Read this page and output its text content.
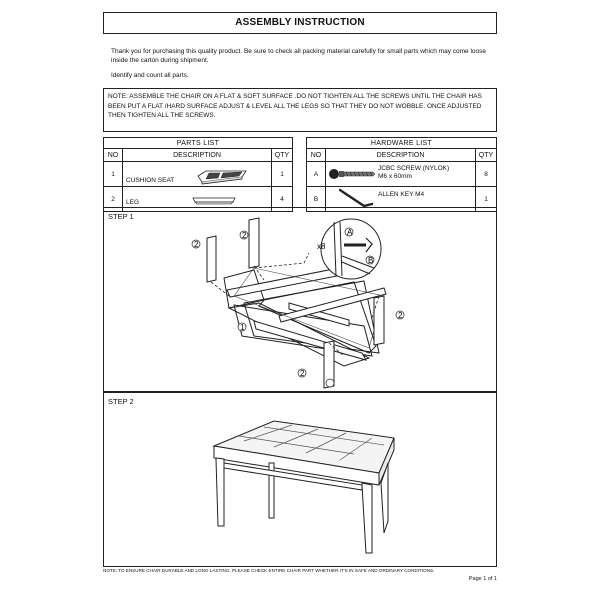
ASSEMBLY INSTRUCTION
Thank you for purchasing this quality product. Be sure to check all packing material carefully for small parts which may come loose inside the carton during shipment.
Identify and count all parts.
NOTE: ASSEMBLE THE CHAIR ON A FLAT & SOFT SURFACE .DO NOT TIGHTEN ALL THE SCREWS UNTIL THE CHAIR HAS BEEN PUT A FLAT /HARD SURFACE ADJUST & LEVEL ALL THE LEGS SO THAT THEY DO NOT WOBBLE. ONCE ADJUSTED THEN TIGHTEN ALL THE SCREWS.
PARTS LIST		
NO	DESCRIPTION	QTY
1	CUSHION SEAT	1
2	LEG	4
HARDWARE LIST		
NO	DESCRIPTION	QTY
A	JCBC SCREW (NYLOK)
M6 x 60mm	8
B	ALLEN KEY M4	1
STEP 1
x8
A
B
2
2
1
2
2
STEP 2
NOTE: TO ENSURE CHAIR DURABLE AND LONG LASTING, PLEASE CHECK ENTIRE CHAIR PART WHETHER IT'S IN SAFE AND ORDINARY CONDITIONS.
Page 1 of 1
